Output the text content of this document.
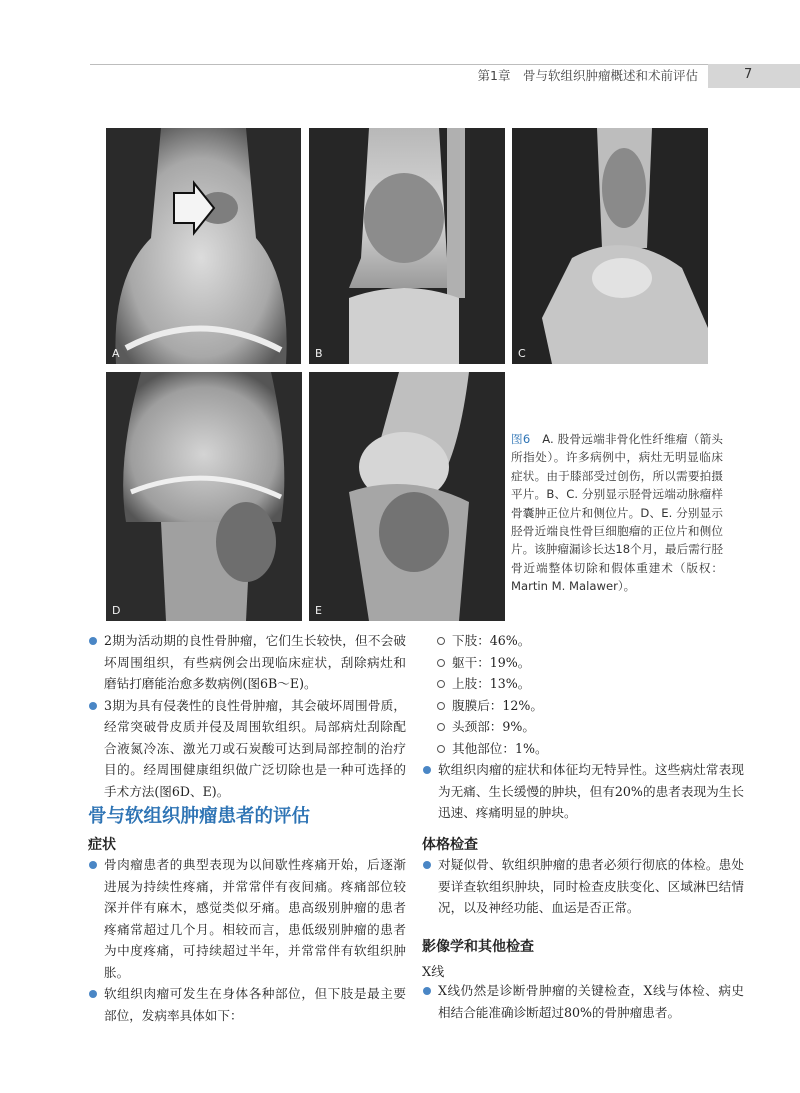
第1章　骨与软组织肿瘤概述和术前评估	7
A	B	C
D	E
图6　 A. 股骨远端非骨化性纤维瘤（箭头所指处）。许多病例中，病灶无明显临床症状。由于膝部受过创伤，所以需要拍摄平片。B、C. 分别显示胫骨远端动脉瘤样骨囊肿正位片和侧位片。D、E. 分别显示胫骨近端良性骨巨细胞瘤的正位片和侧位片。该肿瘤漏诊长达18个月，最后需行胫骨近端整体切除和假体重建术（版权：Martin M. Malawer）。
2期为活动期的良性骨肿瘤，它们生长较快，但不会破坏周围组织，有些病例会出现临床症状，刮除病灶和磨钻打磨能治愈多数病例(图6B～E)。
3期为具有侵袭性的良性骨肿瘤，其会破坏周围骨质，经常突破骨皮质并侵及周围软组织。局部病灶刮除配合液氮冷冻、激光刀或石炭酸可达到局部控制的治疗目的。经周围健康组织做广泛切除也是一种可选择的手术方法(图6D、E)。
下肢：46%。
躯干：19%。
上肢：13%。
腹膜后：12%。
头颈部：9%。
其他部位：1%。
软组织肉瘤的症状和体征均无特异性。这些病灶常表现为无痛、生长缓慢的肿块，但有20%的患者表现为生长迅速、疼痛明显的肿块。
骨与软组织肿瘤患者的评估
症状
骨肉瘤患者的典型表现为以间歇性疼痛开始，后逐渐进展为持续性疼痛，并常常伴有夜间痛。疼痛部位较深并伴有麻木，感觉类似牙痛。患高级别肿瘤的患者疼痛常超过几个月。相较而言，患低级别肿瘤的患者为中度疼痛，可持续超过半年，并常常伴有软组织肿胀。
软组织肉瘤可发生在身体各种部位，但下肢是最主要部位，发病率具体如下：
体格检查
对疑似骨、软组织肿瘤的患者必须行彻底的体检。患处要详查软组织肿块，同时检查皮肤变化、区域淋巴结情况，以及神经功能、血运是否正常。
影像学和其他检查
X线
X线仍然是诊断骨肿瘤的关键检查，X线与体检、病史相结合能准确诊断超过80%的骨肿瘤患者。
